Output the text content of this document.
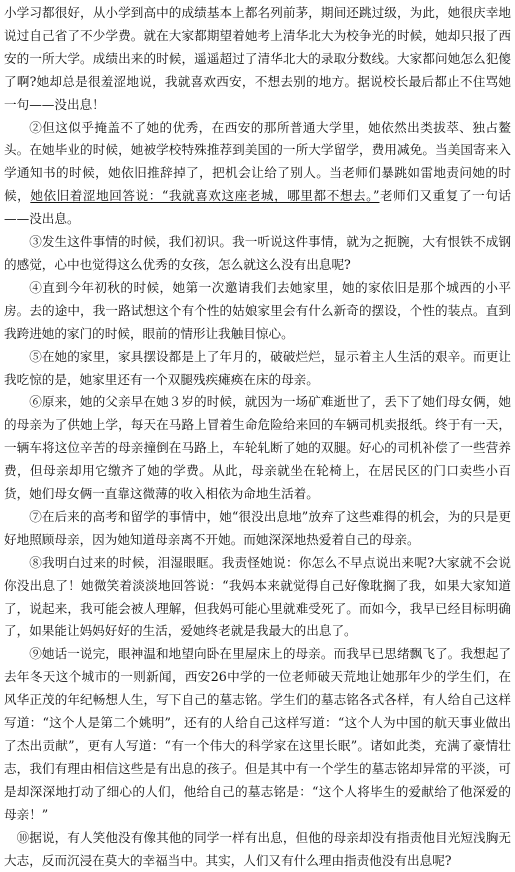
小学习都很好，从小学到高中的成绩基本上都名列前茅，期间还跳过级，为此，她很庆幸地说过自己省了不少学费。就在大家都期望着她考上清华北大为校争光的时候，她却只报了西安的一所大学。成绩出来的时候，遥遥超过了清华北大的录取分数线。大家都问她怎么犯傻了啊?她却总是很羞涩地说，我就喜欢西安，不想去别的地方。据说校长最后都止不住骂她一句——没出息！

②但这似乎掩盖不了她的优秀，在西安的那所普通大学里，她依然出类拔萃、独占鳌头。在她毕业的时候，她被学校特殊推荐到美国的一所大学留学，费用减免。当美国寄来入学通知书的时候，她依旧推辞掉了，把机会让给了别人。当老师们暴跳如雷地责问她的时候，她依旧着涩地回答说：“我就喜欢这座老城，哪里都不想去。”老师们又重复了一句话——没出息。

③发生这件事情的时候，我们初识。我一听说这件事情，就为之扼腕，大有恨铁不成钢的感觉，心中也觉得这么优秀的女孩，怎么就这么没有出息呢?

④直到今年初秋的时候，她第一次邀请我们去她家里，她的家依旧是那个城西的小平房。去的途中，我一路试想这个有个性的姑娘家里会有什么新奇的摆设，个性的装点。直到我跨进她的家门的时候，眼前的情形让我触目惊心。

⑤在她的家里，家具摆设都是上了年月的，破破烂烂，显示着主人生活的艰辛。而更让我吃惊的是，她家里还有一个双腿残疾瘫痪在床的母亲。

⑥原来，她的父亲早在她３岁的时候，就因为一场矿难逝世了，丢下了她们母女俩，她的母亲为了供她上学，每天在马路上冒着生命危险给来回的车辆司机卖报纸。终于有一天，一辆车将这位辛苦的母亲撞倒在马路上，车轮轧断了她的双腿。好心的司机补偿了一些营养费，但母亲却用它缴齐了她的学费。从此，母亲就坐在轮椅上，在居民区的门口卖些小百货，她们母女俩一直靠这微薄的收入相依为命地生活着。

⑦在后来的高考和留学的事情中，她“很没出息地”放弃了这些难得的机会，为的只是更好地照顾母亲，因为她知道母亲离不开她。而她深深地热爱着自己的母亲。

⑧我明白过来的时候，泪湿眼眶。我责怪她说：你怎么不早点说出来呢?大家就不会说你没出息了！她微笑着淡淡地回答说：“我妈本来就觉得自己好像耽搁了我，如果大家知道了，说起来，我可能会被人理解，但我妈可能心里就难受死了。而如今，我早已经目标明确了，如果能让妈妈好好的生活，爱她终老就是我最大的出息了。

⑨她话一说完，眼神温和地望向卧在里屋床上的母亲。而我早已思绪飘飞了。我想起了去年冬天这个城市的一则新闻，西安26中学的一位老师破天荒地让她那年少的学生们，在风华正茂的年纪畅想人生，写下自己的墓志铭。学生们的墓志铭各式各样，有人给自己这样写道：“这个人是第二个姚明”，还有的人给自己这样写道：“这个人为中国的航天事业做出了杰出贡献”，更有人写道：“有一个伟大的科学家在这里长眠”。诸如此类，充满了豪情壮志，我们有理由相信这些是有出息的孩子。但是其中有一个学生的墓志铭却异常的平淡，可是却深深地打动了细心的人们，他给自己的墓志铭是：“这个人将毕生的爱献给了他深爱的母亲！”

⑩据说，有人笑他没有像其他的同学一样有出息，但他的母亲却没有指责他目光短浅胸无大志，反而沉浸在莫大的幸福当中。其实，人们又有什么理由指责他没有出息呢?
